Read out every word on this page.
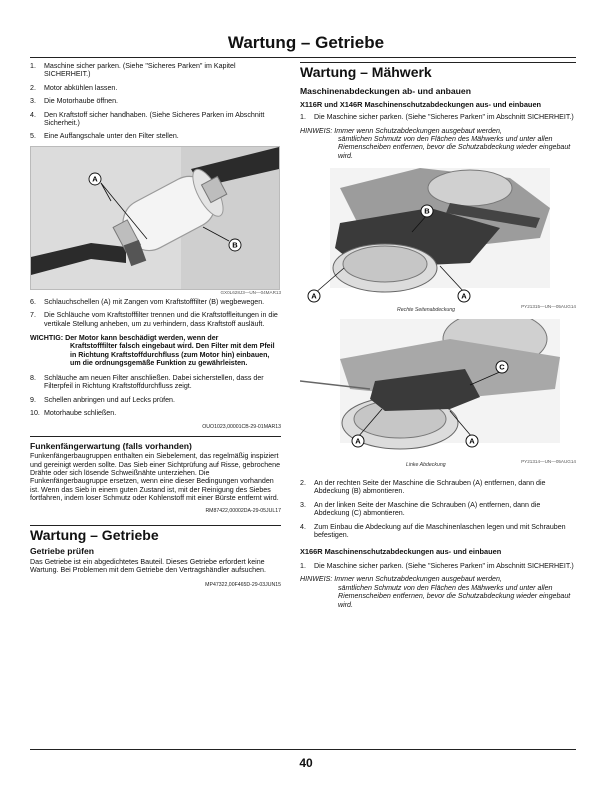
Wartung – Getriebe
1. Maschine sicher parken. (Siehe "Sicheres Parken" im Kapitel SICHERHEIT.)
2. Motor abkühlen lassen.
3. Die Motorhaube öffnen.
4. Den Kraftstoff sicher handhaben. (Siehe Sicheres Parken im Abschnitt Sicherheit.)
5. Eine Auffangschale unter den Filter stellen.
A
B
GX0L628J3—UN—04MAR13
6. Schlauchschellen (A) mit Zangen vom Kraftstofffilter (B) wegbewegen.
7. Die Schläuche vom Kraftstofffilter trennen und die Kraftstoffleitungen in die vertikale Stellung anheben, um zu verhindern, dass Kraftstoff ausläuft.
WICHTIG: Der Motor kann beschädigt werden, wenn der
Kraftstofffilter falsch eingebaut wird. Den Filter mit dem Pfeil in Richtung Kraftstoffdurchfluss (zum Motor hin) einbauen, um die ordnungsgemäße Funktion zu gewährleisten.
8. Schläuche am neuen Filter anschließen. Dabei sicherstellen, dass der Filterpfeil in Richtung Kraftstoffdurchfluss zeigt.
9. Schellen anbringen und auf Lecks prüfen.
10. Motorhaube schließen.
OUO1023,00001CB-29-01MAR13
Funkenfängerwartung (falls vorhanden)
Funkenfängerbaugruppen enthalten ein Siebelement, das regelmäßig inspiziert und gereinigt werden sollte. Das Sieb einer Sichtprüfung auf Risse, gebrochene Drähte oder sich lösende Schweißnähte unterziehen. Die Funkenfängerbaugruppe ersetzen, wenn eine dieser Bedingungen vorhanden ist. Wenn das Sieb in einem guten Zustand ist, mit der Reinigung des Siebes fortfahren, indem loser Schmutz oder Kohlenstoff mit einer Bürste entfernt wird.
RM87422,00002DA-29-05JUL17
Wartung – Getriebe
Getriebe prüfen
Das Getriebe ist ein abgedichtetes Bauteil. Dieses Getriebe erfordert keine Wartung. Bei Problemen mit dem Getriebe den Vertragshändler aufsuchen.
MP47322,00F465D-29-03JUN15
Wartung – Mähwerk
Maschinenabdeckungen ab- und anbauen
X116R und X146R Maschinenschutzabdeckungen aus- und einbauen
1. Die Maschine sicher parken. (Siehe "Sicheres Parken" im Abschnitt SICHERHEIT.)
HINWEIS: Immer wenn Schutzabdeckungen ausgebaut werden,
sämtlichen Schmutz von den Flächen des Mähwerks und unter allen Riemenscheiben entfernen, bevor die Schutzabdeckung wieder eingebaut wird.
B
A	A
PY21315—UN—05AUG14
Rechte Seitenabdeckung
C
A	A
PY21314—UN—05AUG14
Linke Abdeckung
2. An der rechten Seite der Maschine die Schrauben (A) entfernen, dann die Abdeckung (B) abmontieren.
3. An der linken Seite der Maschine die Schrauben (A) entfernen, dann die Abdeckung (C) abmontieren.
4. Zum Einbau die Abdeckung auf die Maschinenlaschen legen und mit Schrauben befestigen.
X166R Maschinenschutzabdeckungen aus- und einbauen
1. Die Maschine sicher parken. (Siehe "Sicheres Parken" im Abschnitt SICHERHEIT.)
HINWEIS: Immer wenn Schutzabdeckungen ausgebaut werden,
sämtlichen Schmutz von den Flächen des Mähwerks und unter allen Riemenscheiben entfernen, bevor die Schutzabdeckung wieder eingebaut wird.
40
